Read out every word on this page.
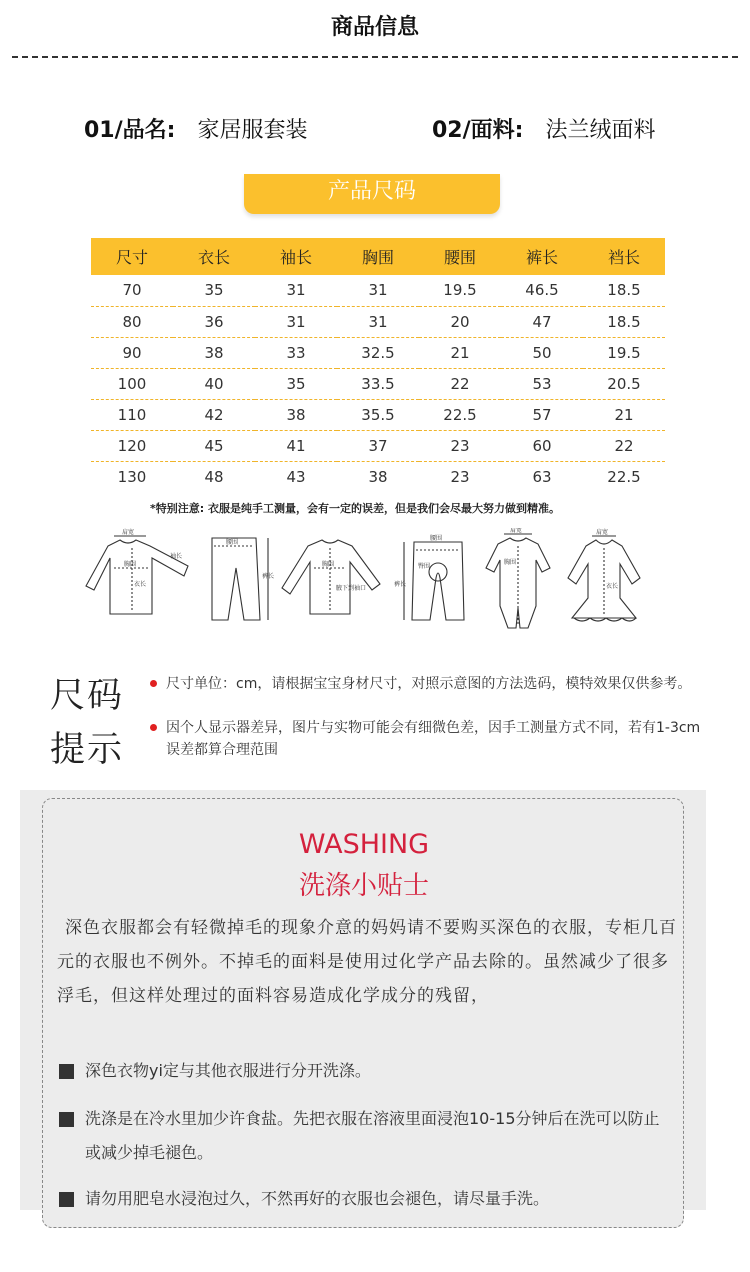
商品信息
01/品名: 家居服套装	02/面料: 法兰绒面料
产品尺码
尺寸	衣长	袖长	胸围	腰围	裤长	裆长
70	35	31	31	19.5	46.5	18.5
80	36	31	31	20	47	18.5
90	38	33	32.5	21	50	19.5
100	40	35	33.5	22	53	20.5
110	42	38	35.5	22.5	57	21
120	45	41	37	23	60	22
130	48	43	38	23	63	22.5
*特别注意: 衣服是纯手工测量，会有一定的误差，但是我们会尽最大努力做到精准。
肩宽
胸围
衣长
袖长
腰围
裤长
胸围
腋下到袖口
腰围
臀围
裤长
肩宽
胸围
肩宽
衣长
尺码
提示
尺寸单位：cm，请根据宝宝身材尺寸，对照示意图的方法选码，模特效果仅供参考。
因个人显示器差异，图片与实物可能会有细微色差，因手工测量方式不同，若有1-3cm误差都算合理范围
WASHING
洗涤小贴士
深色衣服都会有轻微掉毛的现象介意的妈妈请不要购买深色的衣服，专柜几百元的衣服也不例外。不掉毛的面料是使用过化学产品去除的。虽然减少了很多浮毛，但这样处理过的面料容易造成化学成分的残留，
深色衣物yi定与其他衣服进行分开洗涤。
洗涤是在冷水里加少许食盐。先把衣服在溶液里面浸泡10-15分钟后在洗可以防止或减少掉毛褪色。
请勿用肥皂水浸泡过久，不然再好的衣服也会褪色，请尽量手洗。
